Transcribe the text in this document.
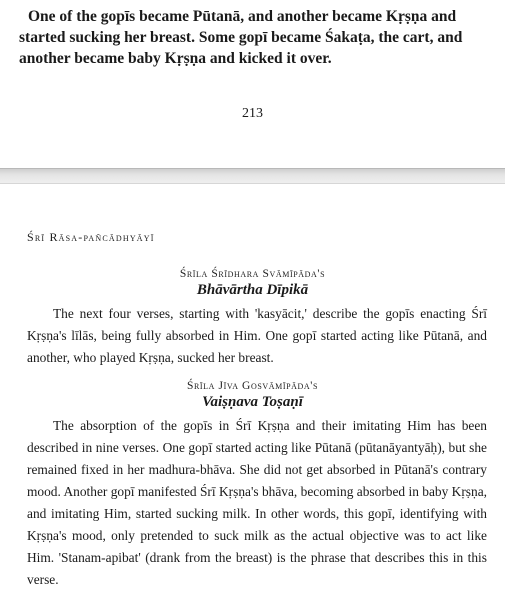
One of the gopīs became Pūtanā, and another became Kṛṣṇa and started sucking her breast. Some gopī became Śakaṭa, the cart, and another became baby Kṛṣṇa and kicked it over.

213
Śrī Rāsa-pañcādhyāyī
Śrīla Śrīdhara Svāmīpāda's
Bhāvārtha Dīpikā

The next four verses, starting with 'kasyācit,' describe the gopīs enacting Śrī Kṛṣṇa's līlās, being fully absorbed in Him. One gopī started acting like Pūtanā, and another, who played Kṛṣṇa, sucked her breast.

Śrīla Jīva Gosvāmīpāda's
Vaiṣṇava Toṣaṇī

The absorption of the gopīs in Śrī Kṛṣṇa and their imitating Him has been described in nine verses. One gopī started acting like Pūtanā (pūtanāyantyāḥ), but she remained fixed in her madhura-bhāva. She did not get absorbed in Pūtanā's contrary mood. Another gopī manifested Śrī Kṛṣṇa's bhāva, becoming absorbed in baby Kṛṣṇa, and imitating Him, started sucking milk. In other words, this gopī, identifying with Kṛṣṇa's mood, only pretended to suck milk as the actual objective was to act like Him. 'Stanam-apibat' (drank from the breast) is the phrase that describes this in this verse.
